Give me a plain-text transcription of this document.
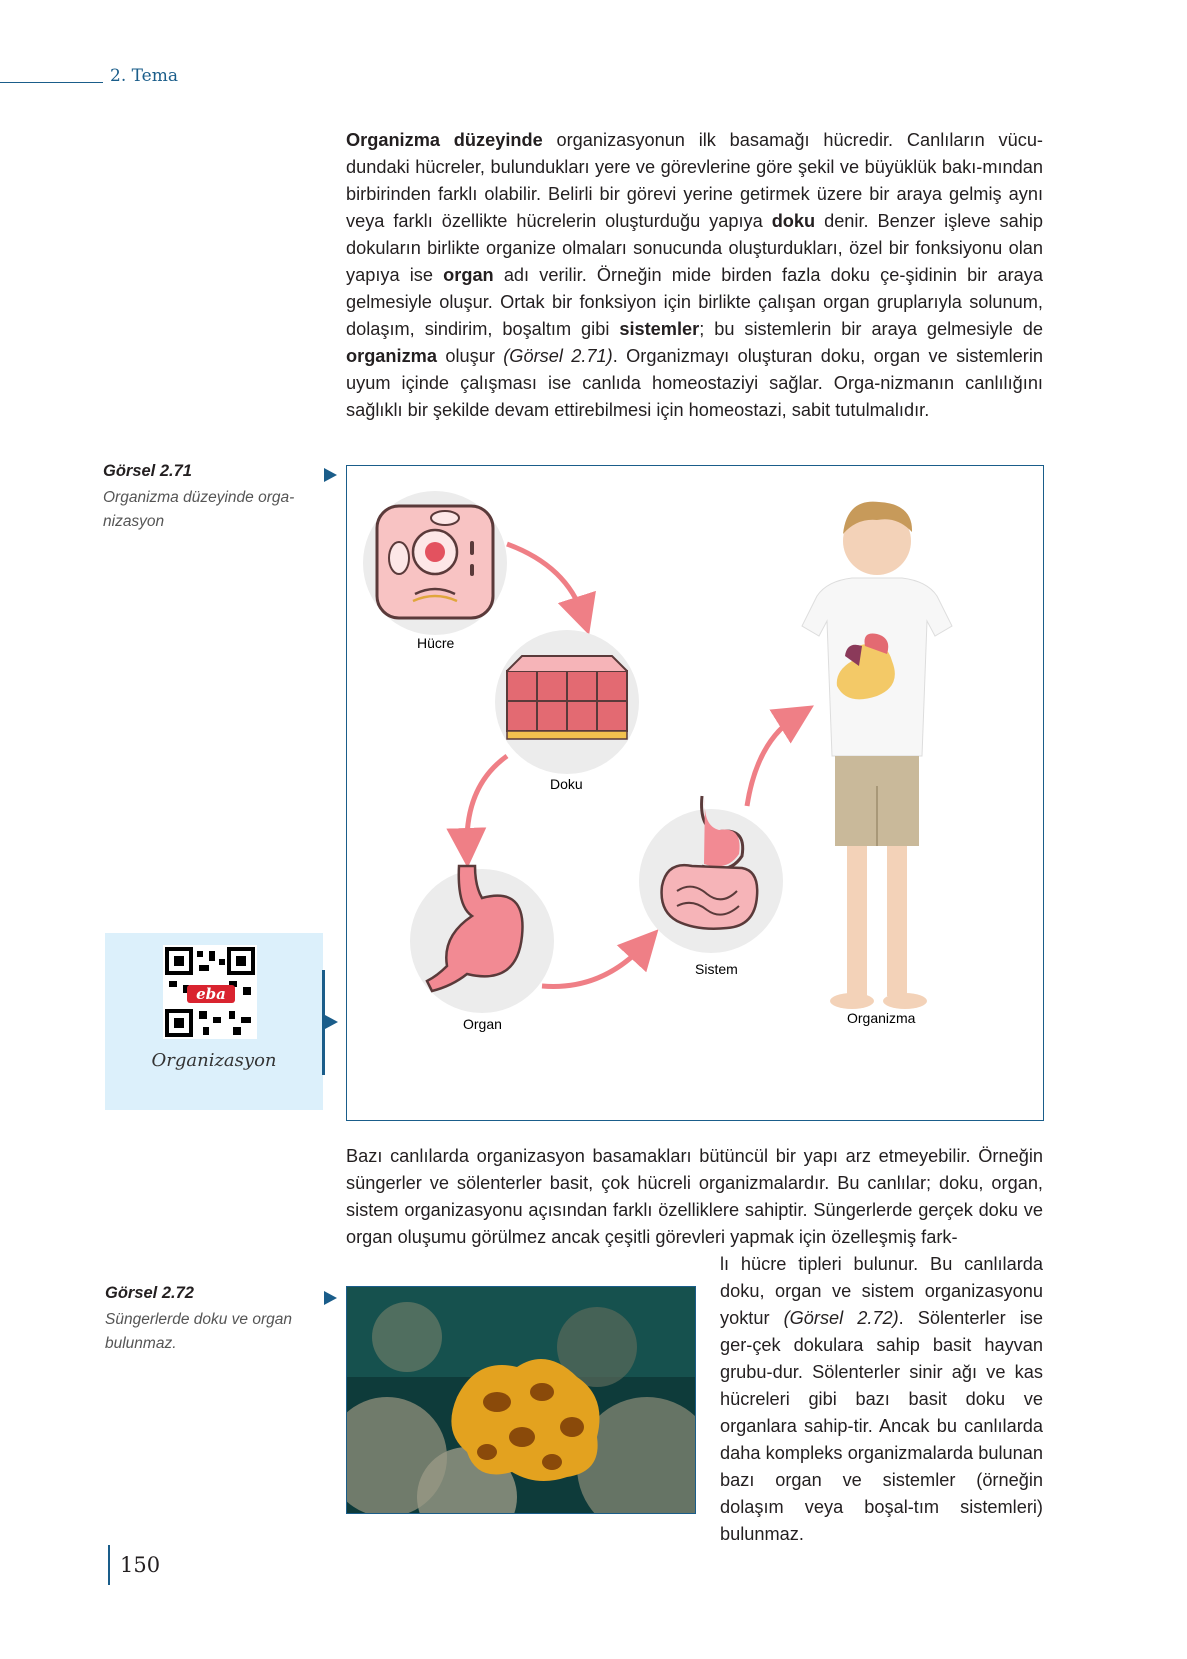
2. Tema
Organizma düzeyinde organizasyonun ilk basamağı hücredir. Canlıların vücu-dundaki hücreler, bulundukları yere ve görevlerine göre şekil ve büyüklük bakı-mından birbirinden farklı olabilir. Belirli bir görevi yerine getirmek üzere bir araya gelmiş aynı veya farklı özellikte hücrelerin oluşturduğu yapıya doku denir. Benzer işleve sahip dokuların birlikte organize olmaları sonucunda oluşturdukları, özel bir fonksiyonu olan yapıya ise organ adı verilir. Örneğin mide birden fazla doku çe-şidinin bir araya gelmesiyle oluşur. Ortak bir fonksiyon için birlikte çalışan organ gruplarıyla solunum, dolaşım, sindirim, boşaltım gibi sistemler; bu sistemlerin bir araya gelmesiyle de organizma oluşur (Görsel 2.71). Organizmayı oluşturan doku, organ ve sistemlerin uyum içinde çalışması ise canlıda homeostaziyi sağlar. Orga-nizmanın canlılığını sağlıklı bir şekilde devam ettirebilmesi için homeostazi, sabit tutulmalıdır.
Görsel 2.71
Organizma düzeyinde orga-nizasyon
Hücre
Doku
Organ
Sistem
Organizma
eba
Organizasyon
Bazı canlılarda organizasyon basamakları bütüncül bir yapı arz etmeyebilir. Örneğin süngerler ve sölenterler basit, çok hücreli organizmalardır. Bu canlılar; doku, organ, sistem organizasyonu açısından farklı özelliklere sahiptir. Süngerlerde gerçek doku ve organ oluşumu görülmez ancak çeşitli görevleri yapmak için özelleşmiş fark-
Görsel 2.72
Süngerlerde doku ve organ bulunmaz.
lı hücre tipleri bulunur. Bu canlılarda doku, organ ve sistem organizasyonu yoktur (Görsel 2.72). Sölenterler ise ger-çek dokulara sahip basit hayvan grubu-dur. Sölenterler sinir ağı ve kas hücreleri gibi bazı basit doku ve organlara sahip-tir. Ancak bu canlılarda daha kompleks organizmalarda bulunan bazı organ ve sistemler (örneğin dolaşım veya boşal-tım sistemleri) bulunmaz.
150
